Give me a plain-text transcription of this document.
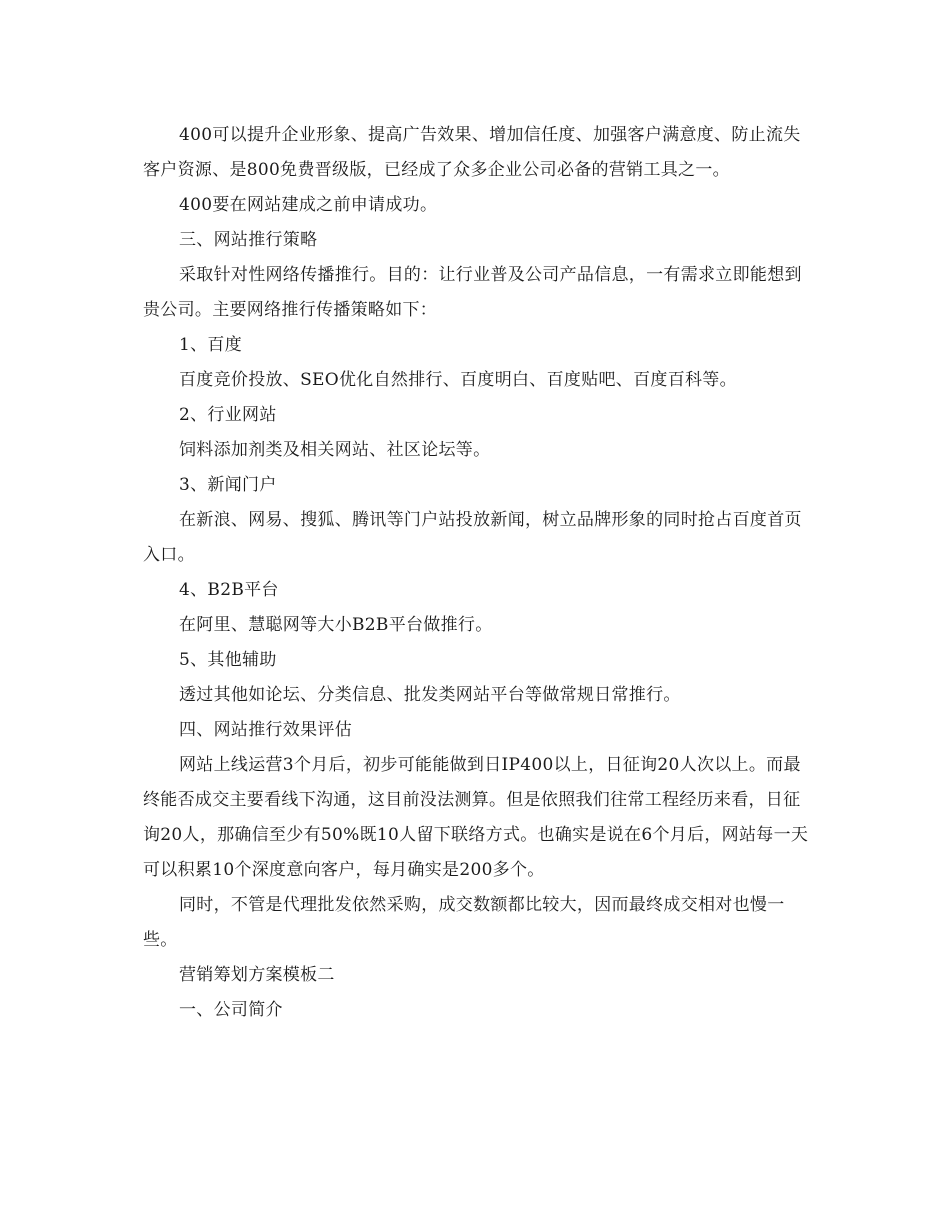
400可以提升企业形象、提高广告效果、增加信任度、加强客户满意度、防止流失客户资源、是800免费晋级版，已经成了众多企业公司必备的营销工具之一。

400要在网站建成之前申请成功。

三、网站推行策略

采取针对性网络传播推行。目的：让行业普及公司产品信息，一有需求立即能想到贵公司。主要网络推行传播策略如下：

1、百度

百度竞价投放、SEO优化自然排行、百度明白、百度贴吧、百度百科等。

2、行业网站

饲料添加剂类及相关网站、社区论坛等。

3、新闻门户

在新浪、网易、搜狐、腾讯等门户站投放新闻，树立品牌形象的同时抢占百度首页入口。

4、B2B平台

在阿里、慧聪网等大小B2B平台做推行。

5、其他辅助

透过其他如论坛、分类信息、批发类网站平台等做常规日常推行。

四、网站推行效果评估

网站上线运营3个月后，初步可能能做到日IP400以上，日征询20人次以上。而最终能否成交主要看线下沟通，这目前没法测算。但是依照我们往常工程经历来看，日征询20人，那确信至少有50%既10人留下联络方式。也确实是说在6个月后，网站每一天可以积累10个深度意向客户，每月确实是200多个。

同时，不管是代理批发依然采购，成交数额都比较大，因而最终成交相对也慢一些。

营销筹划方案模板二

一、公司简介
